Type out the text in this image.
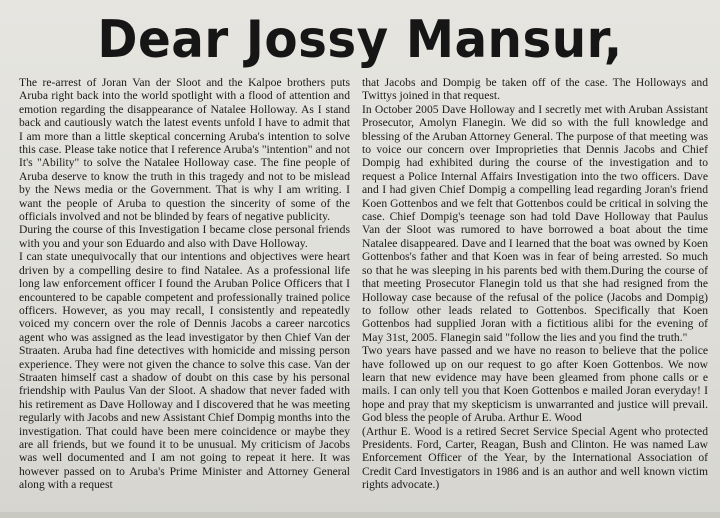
Dear Jossy Mansur,

The re-arrest of Joran Van der Sloot and the Kalpoe brothers puts Aruba right back into the world spotlight with a flood of attention and emotion regarding the disappearance of Natalee Holloway. As I stand back and cautiously watch the latest events unfold I have to admit that I am more than a little skeptical concerning Aruba's intention to solve this case. Please take notice that I reference Aruba's "intention" and not It's "Ability" to solve the Natalee Holloway case. The fine people of Aruba deserve to know the truth in this tragedy and not to be mislead by the News media or the Government. That is why I am writing. I want the people of Aruba to question the sincerity of some of the officials involved and not be blinded by fears of negative publicity.

During the course of this Investigation I became close personal friends with you and your son Eduardo and also with Dave Holloway.

I can state unequivocally that our intentions and objectives were heart driven by a compelling desire to find Natalee. As a professional life long law enforcement officer I found the Aruban Police Officers that I encountered to be capable competent and professionally trained police officers. However, as you may recall, I consistently and repeatedly voiced my concern over the role of Dennis Jacobs a career narcotics agent who was assigned as the lead investigator by then Chief Van der Straaten. Aruba had fine detectives with homicide and missing person experience. They were not given the chance to solve this case. Van der Straaten himself cast a shadow of doubt on this case by his personal friendship with Paulus Van der Sloot. A shadow that never faded with his retirement as Dave Holloway and I discovered that he was meeting regularly with Jacobs and new Assistant Chief Dompig months into the investigation. That could have been mere coincidence or maybe they are all friends, but we found it to be unusual. My criticism of Jacobs was well documented and I am not going to repeat it here. It was however passed on to Aruba's Prime Minister and Attorney General along with a request

that Jacobs and Dompig be taken off of the case. The Holloways and Twittys joined in that request.

In October 2005 Dave Holloway and I secretly met with Aruban Assistant Prosecutor, Amolyn Flanegin. We did so with the full knowledge and blessing of the Aruban Attorney General. The purpose of that meeting was to voice our concern over Improprieties that Dennis Jacobs and Chief Dompig had exhibited during the course of the investigation and to request a Police Internal Affairs Investigation into the two officers. Dave and I had given Chief Dompig a compelling lead regarding Joran's friend Koen Gottenbos and we felt that Gottenbos could be critical in solving the case. Chief Dompig's teenage son had told Dave Holloway that Paulus Van der Sloot was rumored to have borrowed a boat about the time Natalee disappeared. Dave and I learned that the boat was owned by Koen Gottenbos's father and that Koen was in fear of being arrested. So much so that he was sleeping in his parents bed with them.During the course of that meeting Prosecutor Flanegin told us that she had resigned from the Holloway case because of the refusal of the police (Jacobs and Dompig) to follow other leads related to Gottenbos. Specifically that Koen Gottenbos had supplied Joran with a fictitious alibi for the evening of May 31st, 2005. Flanegin said "follow the lies and you find the truth."

Two years have passed and we have no reason to believe that the police have followed up on our request to go after Koen Gottenbos. We now learn that new evidence may have been gleamed from phone calls or e mails. I can only tell you that Koen Gottenbos e mailed Joran everyday! I hope and pray that my skepticism is unwarranted and justice will prevail. God bless the people of Aruba. Arthur E. Wood

(Arthur E. Wood is a retired Secret Service Special Agent who protected Presidents. Ford, Carter, Reagan, Bush and Clinton. He was named Law Enforcement Officer of the Year, by the International Association of Credit Card Investigators in 1986 and is an author and well known victim rights advocate.)
